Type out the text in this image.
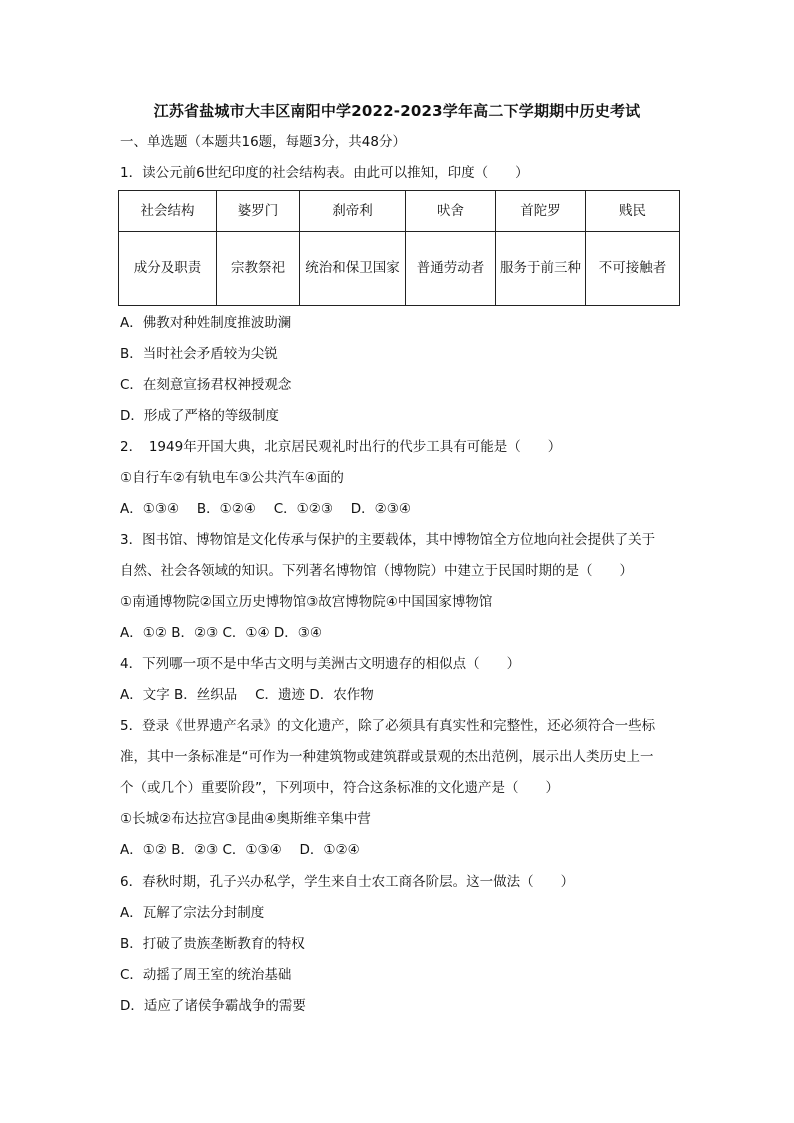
江苏省盐城市大丰区南阳中学2022-2023学年高二下学期期中历史考试
一、单选题（本题共16题，每题3分，共48分）
1．读公元前6世纪印度的社会结构表。由此可以推知，印度（　　）
社会结构	婆罗门	刹帝利	吠舍	首陀罗	贱民
成分及职责	宗教祭祀	统治和保卫国家	普通劳动者	服务于前三种	不可接触者
A．佛教对种姓制度推波助澜
B．当时社会矛盾较为尖锐
C．在刻意宣扬君权神授观念
D．形成了严格的等级制度
2．　1949年开国大典，北京居民观礼时出行的代步工具有可能是（　　）
①自行车②有轨电车③公共汽车④面的
A．①③④　 B．①②④　 C．①②③　 D．②③④
3．图书馆、博物馆是文化传承与保护的主要载体，其中博物馆全方位地向社会提供了关于
自然、社会各领域的知识。下列著名博物馆（博物院）中建立于民国时期的是（　　）
①南通博物院②国立历史博物馆③故宫博物院④中国国家博物馆
A．①② B．②③ C．①④ D．③④
4．下列哪一项不是中华古文明与美洲古文明遗存的相似点（　　）
A．文字 B．丝织品　 C．遗迹 D．农作物
5．登录《世界遗产名录》的文化遗产，除了必须具有真实性和完整性，还必须符合一些标
准，其中一条标准是“可作为一种建筑物或建筑群或景观的杰出范例，展示出人类历史上一
个（或几个）重要阶段”，下列项中，符合这条标准的文化遗产是（　　）
①长城②布达拉宫③昆曲④奥斯维辛集中营
A．①② B．②③ C．①③④　 D．①②④
6．春秋时期，孔子兴办私学，学生来自士农工商各阶层。这一做法（　　）
A．瓦解了宗法分封制度
B．打破了贵族垄断教育的特权
C．动摇了周王室的统治基础
D．适应了诸侯争霸战争的需要
